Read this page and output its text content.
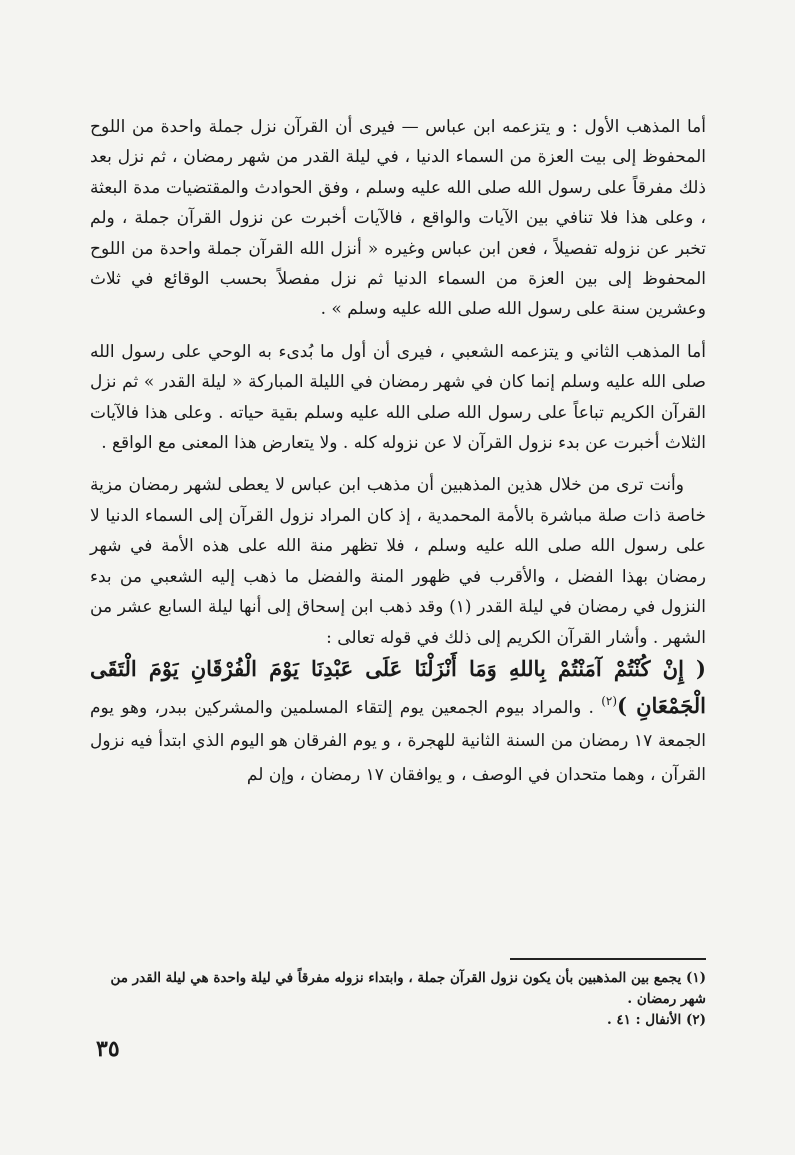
أما المذهب الأول : و يتزعمه ابن عباس — فيرى أن القرآن نزل جملة واحدة من اللوح المحفوظ إلى بيت العزة من السماء الدنيا ، في ليلة القدر من شهر رمضان ، ثم نزل بعد ذلك مفرقاً على رسول الله صلى الله عليه وسلم ، وفق الحوادث والمقتضيات مدة البعثة ، وعلى هذا فلا تنافي بين الآيات والواقع ، فالآيات أخبرت عن نزول القرآن جملة ، ولم تخبر عن نزوله تفصيلاً ، فعن ابن عباس وغيره « أنزل الله القرآن جملة واحدة من اللوح المحفوظ إلى بين العزة من السماء الدنيا ثم نزل مفصلاً بحسب الوقائع في ثلاث وعشرين سنة على رسول الله صلى الله عليه وسلم » .

أما المذهب الثاني و يتزعمه الشعبي ، فيرى أن أول ما بُدىء به الوحي على رسول الله صلى الله عليه وسلم إنما كان في شهر رمضان في الليلة المباركة « ليلة القدر » ثم نزل القرآن الكريم تباعاً على رسول الله صلى الله عليه وسلم بقية حياته . وعلى هذا فالآيات الثلاث أخبرت عن بدء نزول القرآن لا عن نزوله كله . ولا يتعارض هذا المعنى مع الواقع .

وأنت ترى من خلال هذين المذهبين أن مذهب ابن عباس لا يعطى لشهر رمضان مزية خاصة ذات صلة مباشرة بالأمة المحمدية ، إذ كان المراد نزول القرآن إلى السماء الدنيا لا على رسول الله صلى الله عليه وسلم ، فلا تظهر منة الله على هذه الأمة في شهر رمضان بهذا الفضل ، والأقرب في ظهور المنة والفضل ما ذهب إليه الشعبي من بدء النزول في رمضان في ليلة القدر (١) وقد ذهب ابن إسحاق إلى أنها ليلة السابع عشر من الشهر . وأشار القرآن الكريم إلى ذلك في قوله تعالى :

( إِنْ كُنْتُمْ آمَنْتُمْ بِاللهِ وَمَا أَنْزَلْنَا عَلَى عَبْدِنَا يَوْمَ الْفُرْقَانِ يَوْمَ الْتَقَى الْجَمْعَانِ )$^{(٢)}$ . والمراد بيوم الجمعين يوم إلتقاء المسلمين والمشركين ببدر، وهو يوم الجمعة ١٧ رمضان من السنة الثانية للهجرة ، و يوم الفرقان هو اليوم الذي ابتدأ فيه نزول القرآن ، وهما متحدان في الوصف ، و يوافقان ١٧ رمضان ، وإن لم

(١) يجمع بين المذهبين بأن يكون نزول القرآن جملة ، وابتداء نزوله مفرقاً في ليلة واحدة هي ليلة القدر من شهر رمضان .

(٢) الأنفال : ٤١ .

٣٥
